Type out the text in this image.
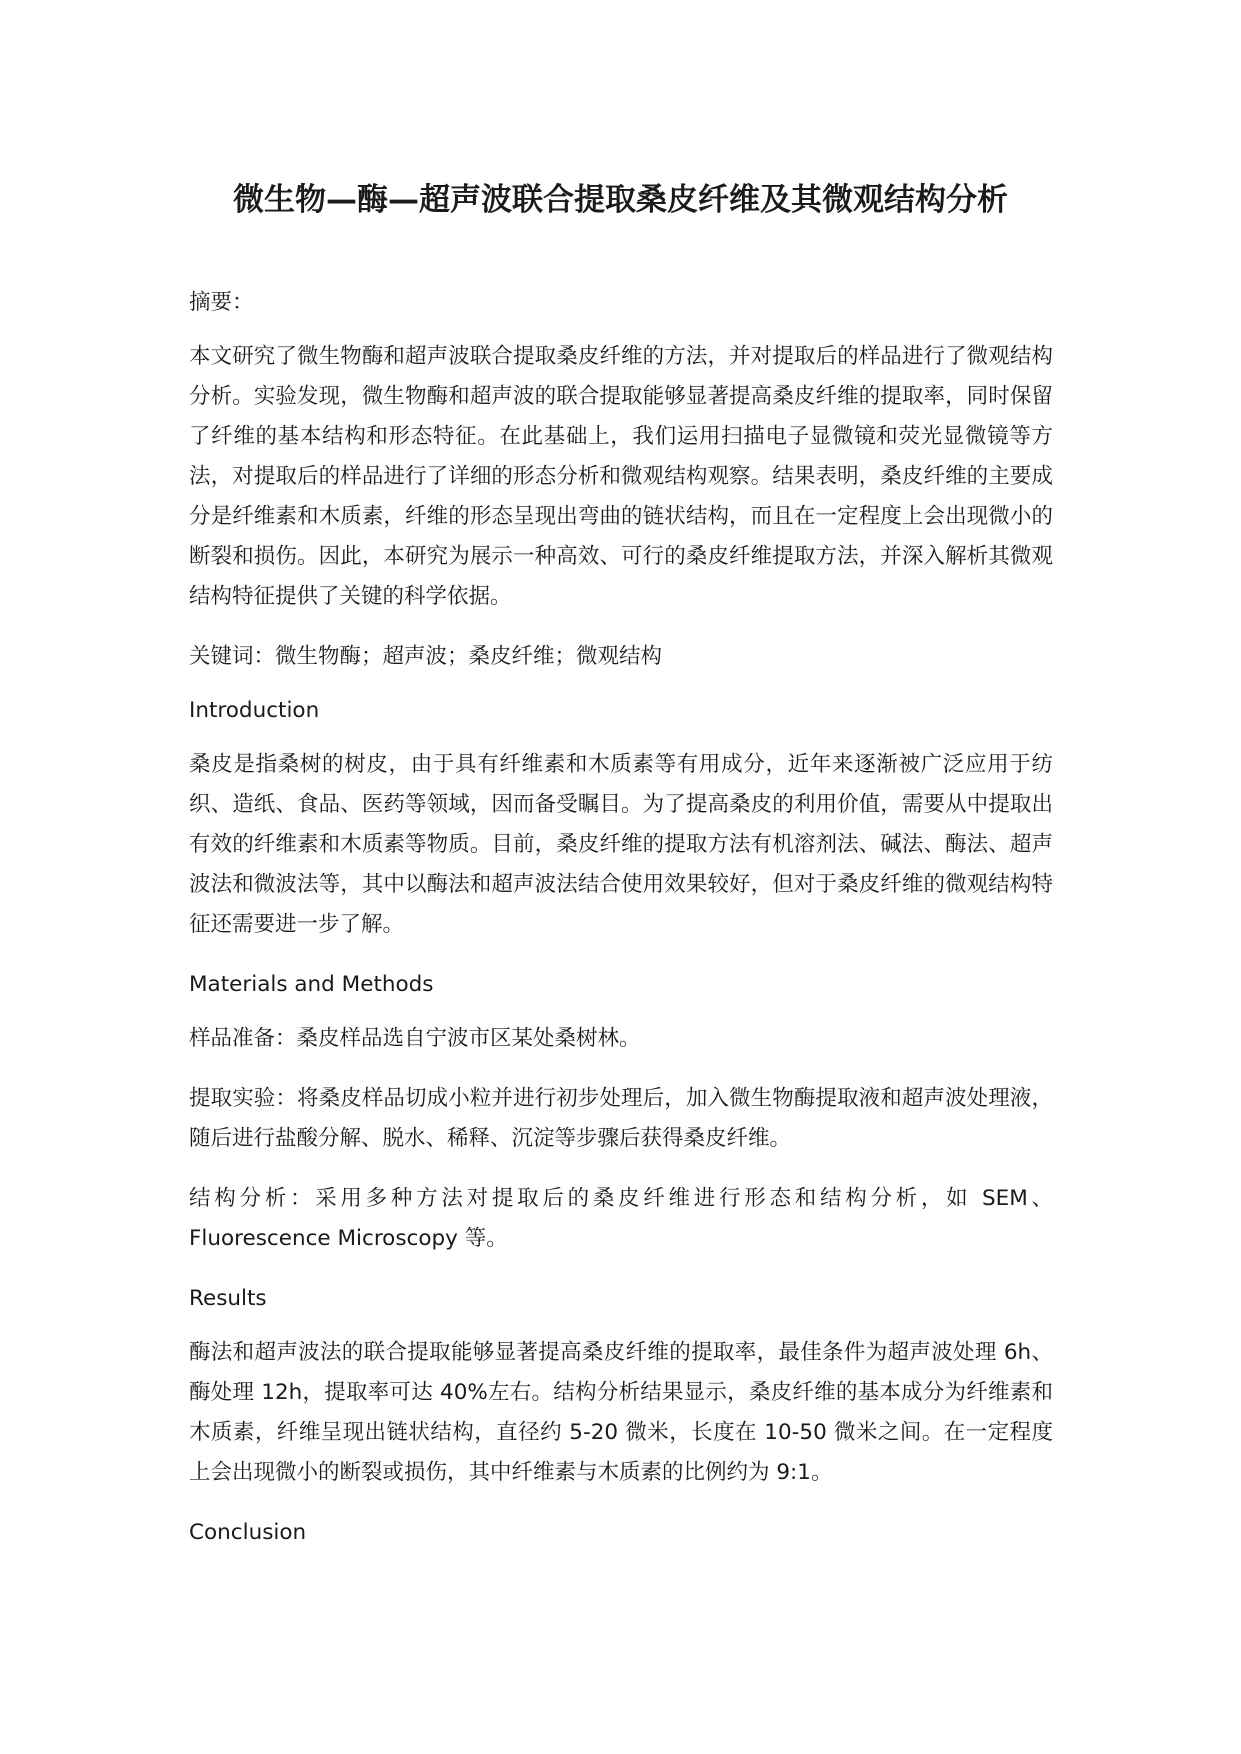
微生物—酶—超声波联合提取桑皮纤维及其微观结构分析

摘要：

本文研究了微生物酶和超声波联合提取桑皮纤维的方法，并对提取后的样品进行了微观结构分析。实验发现，微生物酶和超声波的联合提取能够显著提高桑皮纤维的提取率，同时保留了纤维的基本结构和形态特征。在此基础上，我们运用扫描电子显微镜和荧光显微镜等方法，对提取后的样品进行了详细的形态分析和微观结构观察。结果表明，桑皮纤维的主要成分是纤维素和木质素，纤维的形态呈现出弯曲的链状结构，而且在一定程度上会出现微小的断裂和损伤。因此，本研究为展示一种高效、可行的桑皮纤维提取方法，并深入解析其微观结构特征提供了关键的科学依据。

关键词：微生物酶；超声波；桑皮纤维；微观结构

Introduction

桑皮是指桑树的树皮，由于具有纤维素和木质素等有用成分，近年来逐渐被广泛应用于纺织、造纸、食品、医药等领域，因而备受瞩目。为了提高桑皮的利用价值，需要从中提取出有效的纤维素和木质素等物质。目前，桑皮纤维的提取方法有机溶剂法、碱法、酶法、超声波法和微波法等，其中以酶法和超声波法结合使用效果较好，但对于桑皮纤维的微观结构特征还需要进一步了解。

Materials and Methods

样品准备：桑皮样品选自宁波市区某处桑树林。

提取实验：将桑皮样品切成小粒并进行初步处理后，加入微生物酶提取液和超声波处理液，随后进行盐酸分解、脱水、稀释、沉淀等步骤后获得桑皮纤维。

结构分析：采用多种方法对提取后的桑皮纤维进行形态和结构分析，如 SEM、Fluorescence Microscopy 等。

Results

酶法和超声波法的联合提取能够显著提高桑皮纤维的提取率，最佳条件为超声波处理 6h、酶处理 12h，提取率可达 40%左右。结构分析结果显示，桑皮纤维的基本成分为纤维素和木质素，纤维呈现出链状结构，直径约 5-20 微米，长度在 10-50 微米之间。在一定程度上会出现微小的断裂或损伤，其中纤维素与木质素的比例约为 9:1。

Conclusion
